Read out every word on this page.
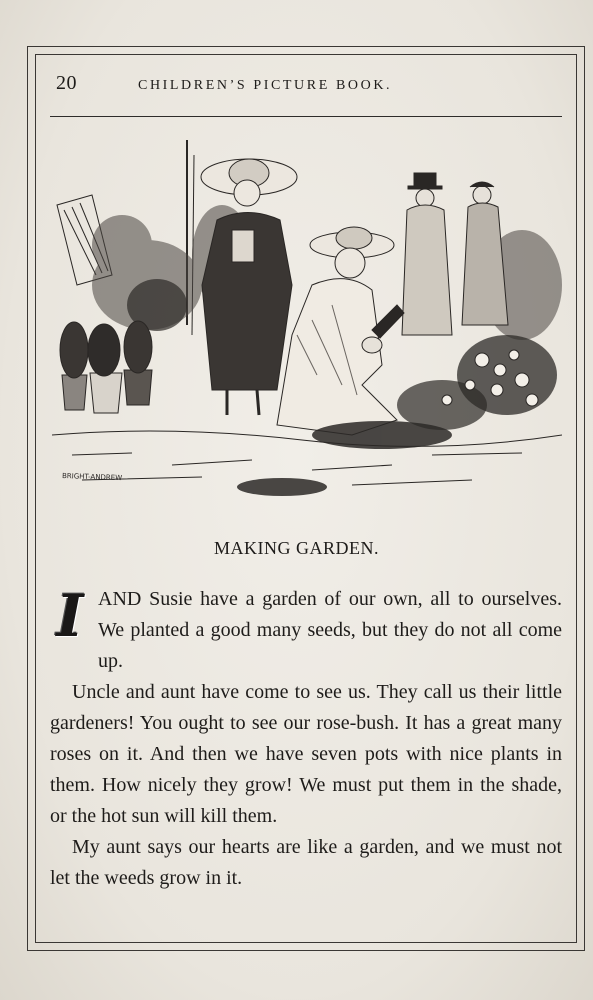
20	CHILDREN’S PICTURE BOOK.
BRIGHT-ANDREW
MAKING GARDEN.

I AND Susie have a garden of our own, all to ourselves. We planted a good many seeds, but they do not all come up.

Uncle and aunt have come to see us. They call us their little gardeners! You ought to see our rose-bush. It has a great many roses on it. And then we have seven pots with nice plants in them. How nicely they grow! We must put them in the shade, or the hot sun will kill them.

My aunt says our hearts are like a garden, and we must not let the weeds grow in it.
